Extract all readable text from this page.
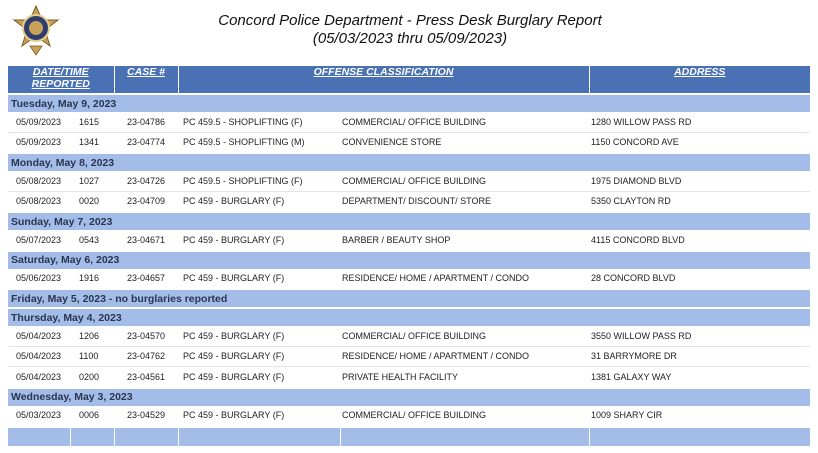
Concord Police Department - Press Desk Burglary Report
(05/03/2023 thru 05/09/2023)
DATE/TIME
REPORTED		CASE #	OFFENSE CLASSIFICATION		ADDRESS
Tuesday, May 9, 2023					
05/09/2023	1615	23-04786	PC 459.5 - SHOPLIFTING (F)	COMMERCIAL/ OFFICE BUILDING	1280 WILLOW PASS RD
05/09/2023	1341	23-04774	PC 459.5 - SHOPLIFTING (M)	CONVENIENCE STORE	1150 CONCORD AVE
Monday, May 8, 2023					
05/08/2023	1027	23-04726	PC 459.5 - SHOPLIFTING (F)	COMMERCIAL/ OFFICE BUILDING	1975 DIAMOND BLVD
05/08/2023	0020	23-04709	PC 459 - BURGLARY (F)	DEPARTMENT/ DISCOUNT/ STORE	5350 CLAYTON RD
Sunday, May 7, 2023					
05/07/2023	0543	23-04671	PC 459 - BURGLARY (F)	BARBER / BEAUTY SHOP	4115 CONCORD BLVD
Saturday, May 6, 2023					
05/06/2023	1916	23-04657	PC 459 - BURGLARY (F)	RESIDENCE/ HOME / APARTMENT / CONDO	28 CONCORD BLVD
Friday, May 5, 2023 - no burglaries reported					
Thursday, May 4, 2023					
05/04/2023	1206	23-04570	PC 459 - BURGLARY (F)	COMMERCIAL/ OFFICE BUILDING	3550 WILLOW PASS RD
05/04/2023	1100	23-04762	PC 459 - BURGLARY (F)	RESIDENCE/ HOME / APARTMENT / CONDO	31 BARRYMORE DR
05/04/2023	0200	23-04561	PC 459 - BURGLARY (F)	PRIVATE HEALTH FACILITY	1381 GALAXY WAY
Wednesday, May 3, 2023					
05/03/2023	0006	23-04529	PC 459 - BURGLARY (F)	COMMERCIAL/ OFFICE BUILDING	1009 SHARY CIR
